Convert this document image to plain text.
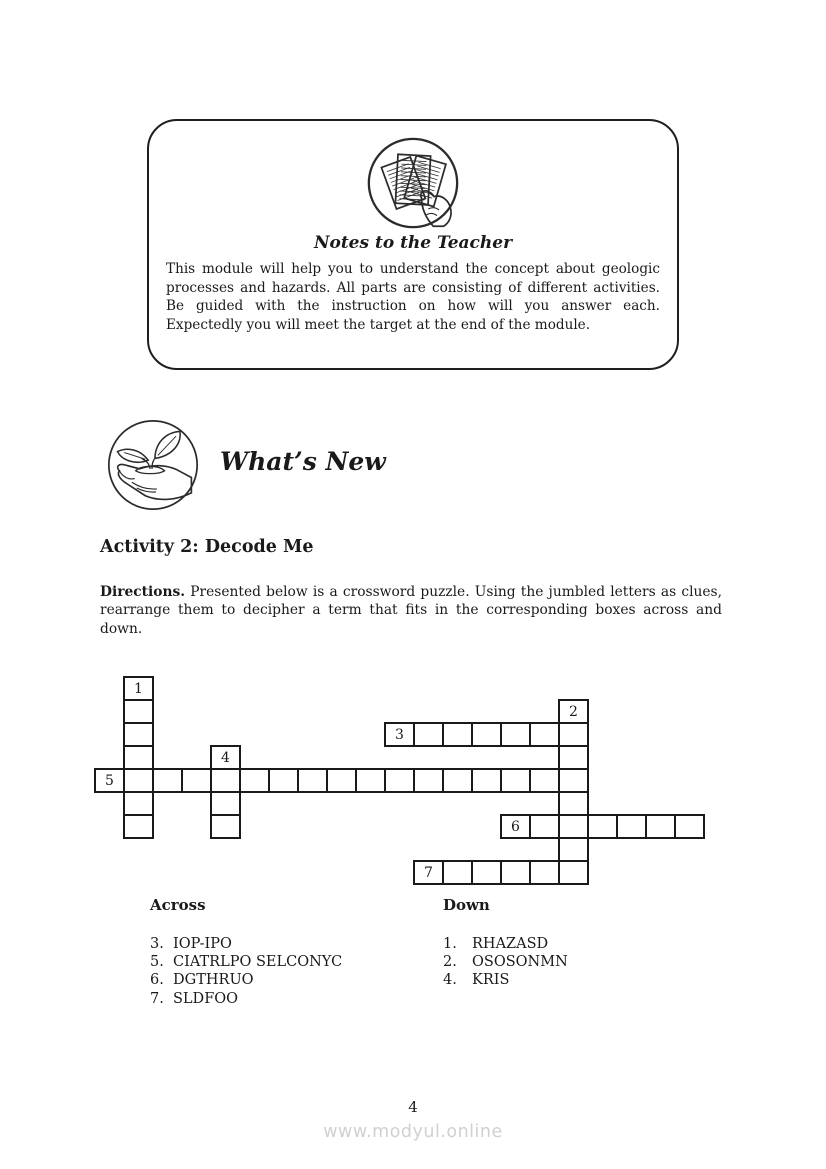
Notes to the Teacher
This module will help you to understand the concept about geologic processes and hazards. All parts are consisting of different activities. Be guided with the instruction on how will you answer each. Expectedly you will meet the target at the end of the module.
What’s New
Activity 2: Decode Me
Directions. Presented below is a crossword puzzle. Using the jumbled letters as clues, rearrange them to decipher a term that fits in the corresponding boxes across and down.
1
2
3
4
5
6
7
Across
3. IOP-IPO
5. CIATRLPO SELCONYC
6. DGTHRUO
7. SLDFOO
Down
1.	RHAZASD
2.	OSOSONMN
4.	KRIS
4
www.modyul.online
